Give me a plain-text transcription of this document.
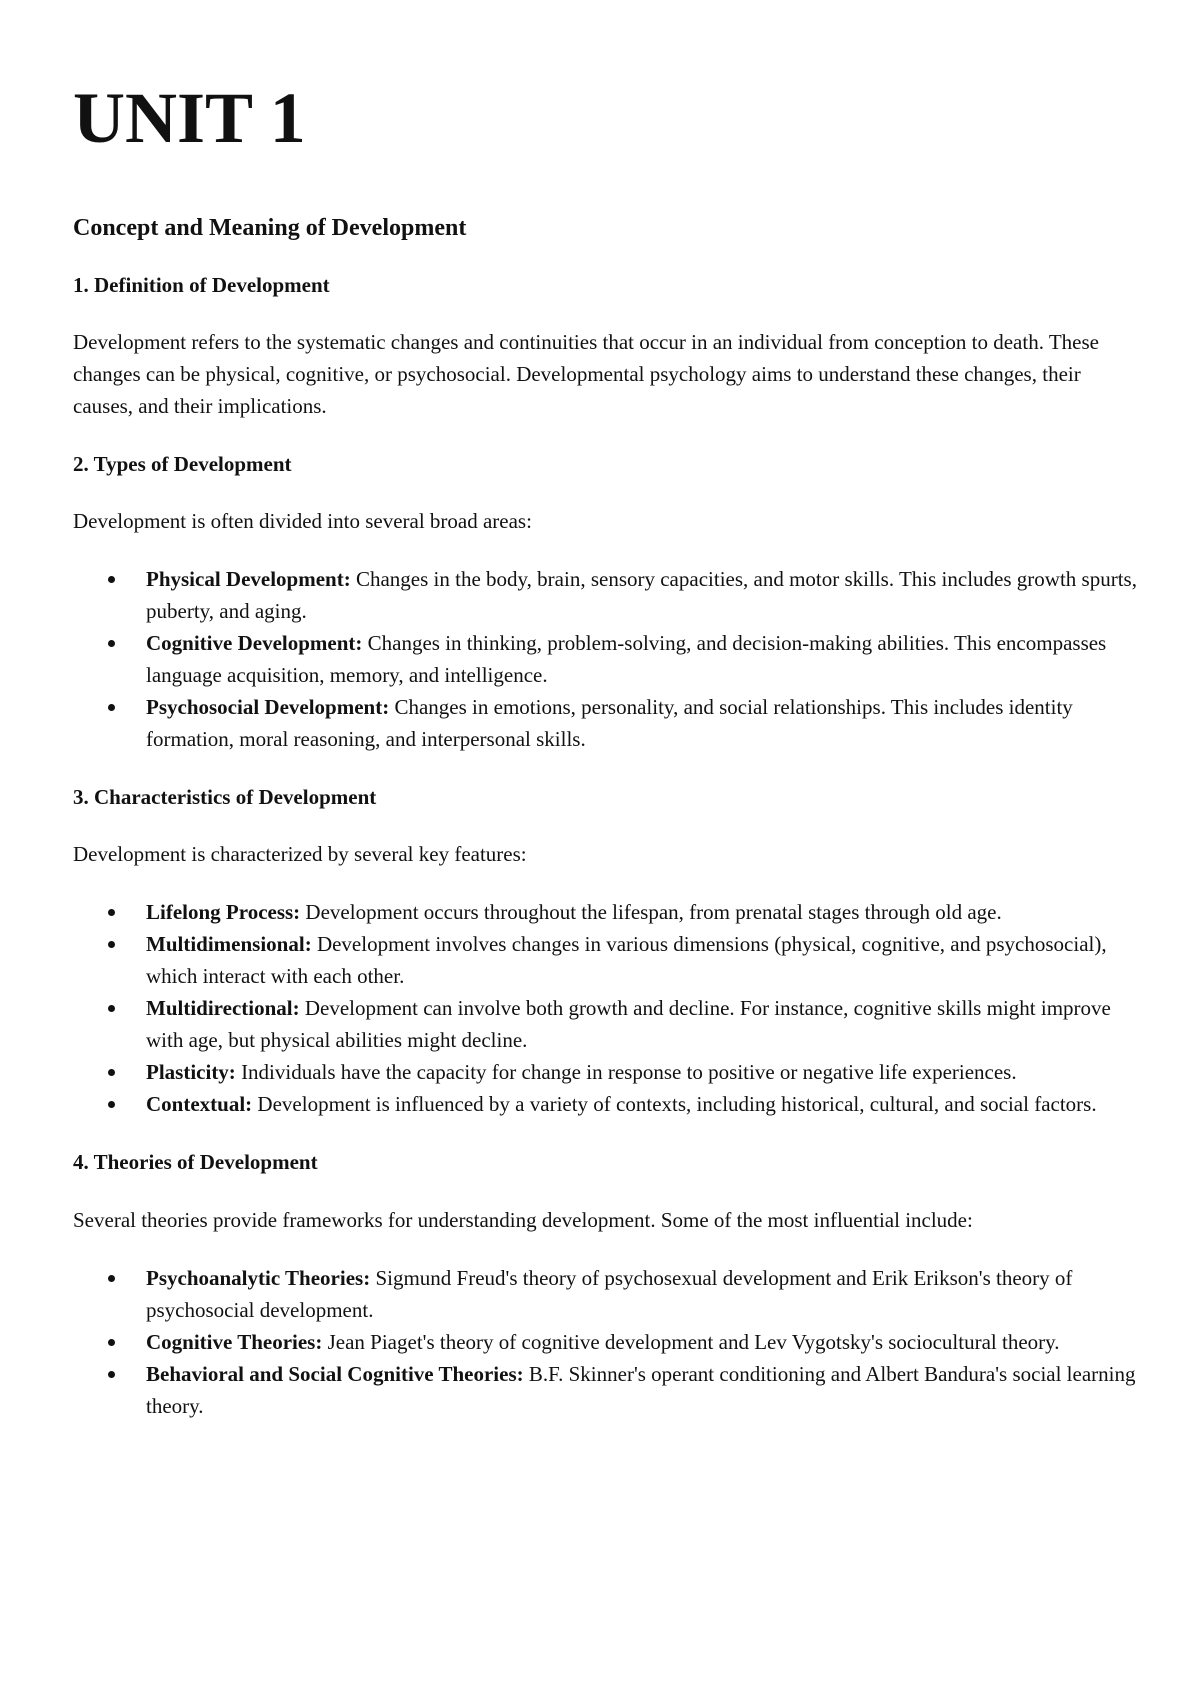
UNIT 1
Concept and Meaning of Development
1. Definition of Development

Development refers to the systematic changes and continuities that occur in an individual from conception to death. These changes can be physical, cognitive, or psychosocial. Developmental psychology aims to understand these changes, their causes, and their implications.

2. Types of Development

Development is often divided into several broad areas:

Physical Development: Changes in the body, brain, sensory capacities, and motor skills. This includes growth spurts, puberty, and aging.
Cognitive Development: Changes in thinking, problem-solving, and decision-making abilities. This encompasses language acquisition, memory, and intelligence.
Psychosocial Development: Changes in emotions, personality, and social relationships. This includes identity formation, moral reasoning, and interpersonal skills.
3. Characteristics of Development

Development is characterized by several key features:

Lifelong Process: Development occurs throughout the lifespan, from prenatal stages through old age.
Multidimensional: Development involves changes in various dimensions (physical, cognitive, and psychosocial), which interact with each other.
Multidirectional: Development can involve both growth and decline. For instance, cognitive skills might improve with age, but physical abilities might decline.
Plasticity: Individuals have the capacity for change in response to positive or negative life experiences.
Contextual: Development is influenced by a variety of contexts, including historical, cultural, and social factors.
4. Theories of Development

Several theories provide frameworks for understanding development. Some of the most influential include:

Psychoanalytic Theories: Sigmund Freud's theory of psychosexual development and Erik Erikson's theory of psychosocial development.
Cognitive Theories: Jean Piaget's theory of cognitive development and Lev Vygotsky's sociocultural theory.
Behavioral and Social Cognitive Theories: B.F. Skinner's operant conditioning and Albert Bandura's social learning theory.
